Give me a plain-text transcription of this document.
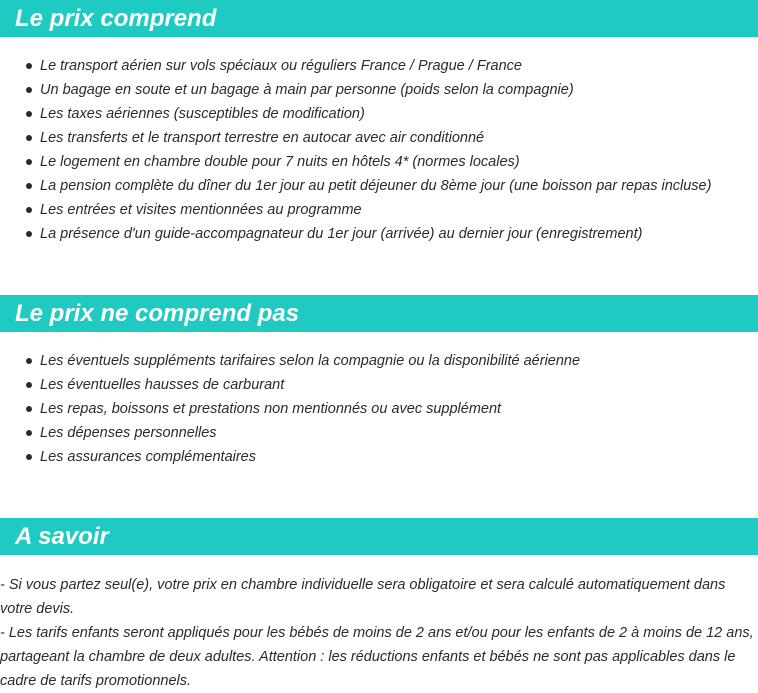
Le prix comprend
Le transport aérien sur vols spéciaux ou réguliers France / Prague / France
Un bagage en soute et un bagage à main par personne (poids selon la compagnie)
Les taxes aériennes (susceptibles de modification)
Les transferts et le transport terrestre en autocar avec air conditionné
Le logement en chambre double pour 7 nuits en hôtels 4* (normes locales)
La pension complète du dîner du 1er jour au petit déjeuner du 8ème jour (une boisson par repas incluse)
Les entrées et visites mentionnées au programme
La présence d'un guide-accompagnateur du 1er jour (arrivée) au dernier jour (enregistrement)
Le prix ne comprend pas
Les éventuels suppléments tarifaires selon la compagnie ou la disponibilité aérienne
Les éventuelles hausses de carburant
Les repas, boissons et prestations non mentionnés ou avec supplément
Les dépenses personnelles
Les assurances complémentaires
A savoir

- Si vous partez seul(e), votre prix en chambre individuelle sera obligatoire et sera calculé automatiquement dans votre devis.

- Les tarifs enfants seront appliqués pour les bébés de moins de 2 ans et/ou pour les enfants de 2 à moins de 12 ans, partageant la chambre de deux adultes. Attention : les réductions enfants et bébés ne sont pas applicables dans le cadre de tarifs promotionnels.
